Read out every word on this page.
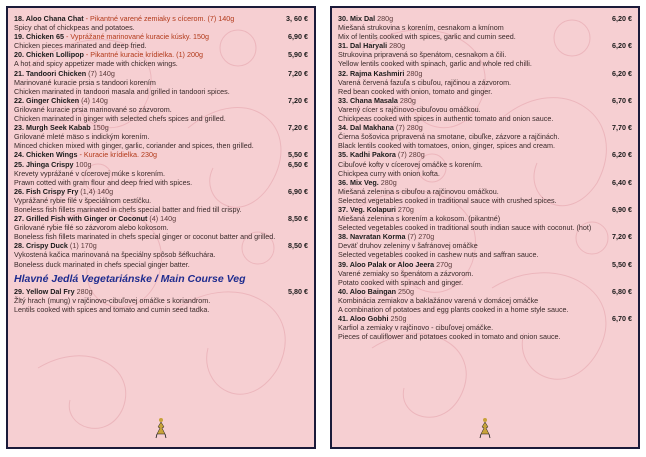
18. Aloo Chana Chat - Pikantné varené zemiaky s cícerom. (7) 140g	3, 60 €
Spicy chat of chickpeas and potatoes.
19. Chicken 65 - Vyprážané marinované kuracie kúsky. 150g	6,90 €
Chicken pieces marinated and deep fried.
20. Chicken Lollipop - Pikantné kuracie krídielka. (1) 200g	5,90 €
A hot and spicy appetizer made with chicken wings.
21. Tandoori Chicken (7) 140g	7,20 €
Marinované kuracie prsia s tandoori korením
Chicken marinated in tandoori masala and grilled in tandoori spices.
22. Ginger Chicken (4) 140g	7,20 €
Grilované kuracie prsia marinované so zázvorom.
Chicken marinated in ginger with selected chefs spices and grilled.
23. Murgh Seek Kabab 150g	7,20 €
Grilované mleté mäso s indickým korením.
Minced chicken mixed with ginger, garlic, coriander and spices, then grilled.
24. Chicken Wings - Kuracie krídielka. 230g	5,50 €
25. Jhinga Crispy 100g	6,50 €
Krevety vyprážané v cícerovej múke s korením.
Prawn cotted with gram flour and deep fried with spices.
26. Fish Crispy Fry (1,4) 140g	6,90 €
Vyprážané rybie filé v špeciálnom cestíčku.
Boneless fish fillets marinated in chefs special batter and fried till crispy.
27. Grilled Fish with Ginger or Coconut (4) 140g	8,50 €
Grilované rybie filé so zázvorom alebo kokosom.
Boneless fish fillets marinated in chefs special ginger or coconut batter and grilled.
28. Crispy Duck (1) 170g	8,50 €
Vykostená kačica marinovaná na špeciálny spôsob šéfkuchára.
Boneless duck marinated in chefs special ginger batter.
Hlavné Jedlá Vegetariánske / Main Course Veg
29. Yellow Dal Fry 280g	5,80 €
Žltý hrach (mung) v rajčinovo-cibuľovej omáčke s koriandrom.
Lentils cooked with spices and tomato and cumin seed tadka.
30. Mix Dal 280g	6,20 €
Miešaná strukovina s korením, cesnakom a kmínom
Mix of lentils cooked with spices, garlic and cumin seed.
31. Dal Haryali 280g	6,20 €
Strukovina pripravená so špenátom, cesnakom a čili.
Yellow lentils cooked with spinach, garlic and whole red chilli.
32. Rajma Kashmiri 280g	6,20 €
Varená červená fazuľa s cibuľou, rajčinou a zázvorom.
Red bean cooked with onion, tomato and ginger.
33. Chana Masala 280g	6,70 €
Varený cícer s rajčinovo-cibuľovou omáčkou.
Chickpeas cooked with spices in authentic tomato and onion sauce.
34. Dal Makhana (7) 280g	7,70 €
Čierna šošovica pripravená na smotane, cibuľke, zázvore a rajčinách.
Black lentils cooked with tomatoes, onion, ginger, spices and cream.
35. Kadhi Pakora (7) 280g	6,20 €
Cibuľové kofty v cícerovej omáčke s korením.
Chickpea curry with onion kofta.
36. Mix Veg. 280g	6,40 €
Miešaná zelenina s cibuľou a rajčinovou omáčkou.
Selected vegetables cooked in traditional sauce with crushed spices.
37. Veg. Kolapuri 270g	6,90 €
Miešaná zelenina s korením a kokosom. (pikantné)
Selected vegetables cooked in traditional south indian sauce with coconut. (hot)
38. Navratan Korma (7) 270g	7,20 €
Deväť druhov zeleniny v šafránovej omáčke
Selected vegetables cooked in cashew nuts and saffran sauce.
39. Aloo Palak or Aloo Jeera 270g	5,50 €
Varené zemiaky so špenátom a zázvorom.
Potato cooked with spinach and ginger.
40. Aloo Baingan 250g	6,80 €
Kombinácia zemiakov a baklažánov varená v domácej omáčke
A combination of potatoes and egg plants cooked in a home style sauce.
41. Aloo Gobhi 250g	6,70 €
Karfiol a zemiaky v rajčinovo - cibuľovej omáčke.
Pieces of cauliflower and potatoes cooked in tomato and onion sauce.
